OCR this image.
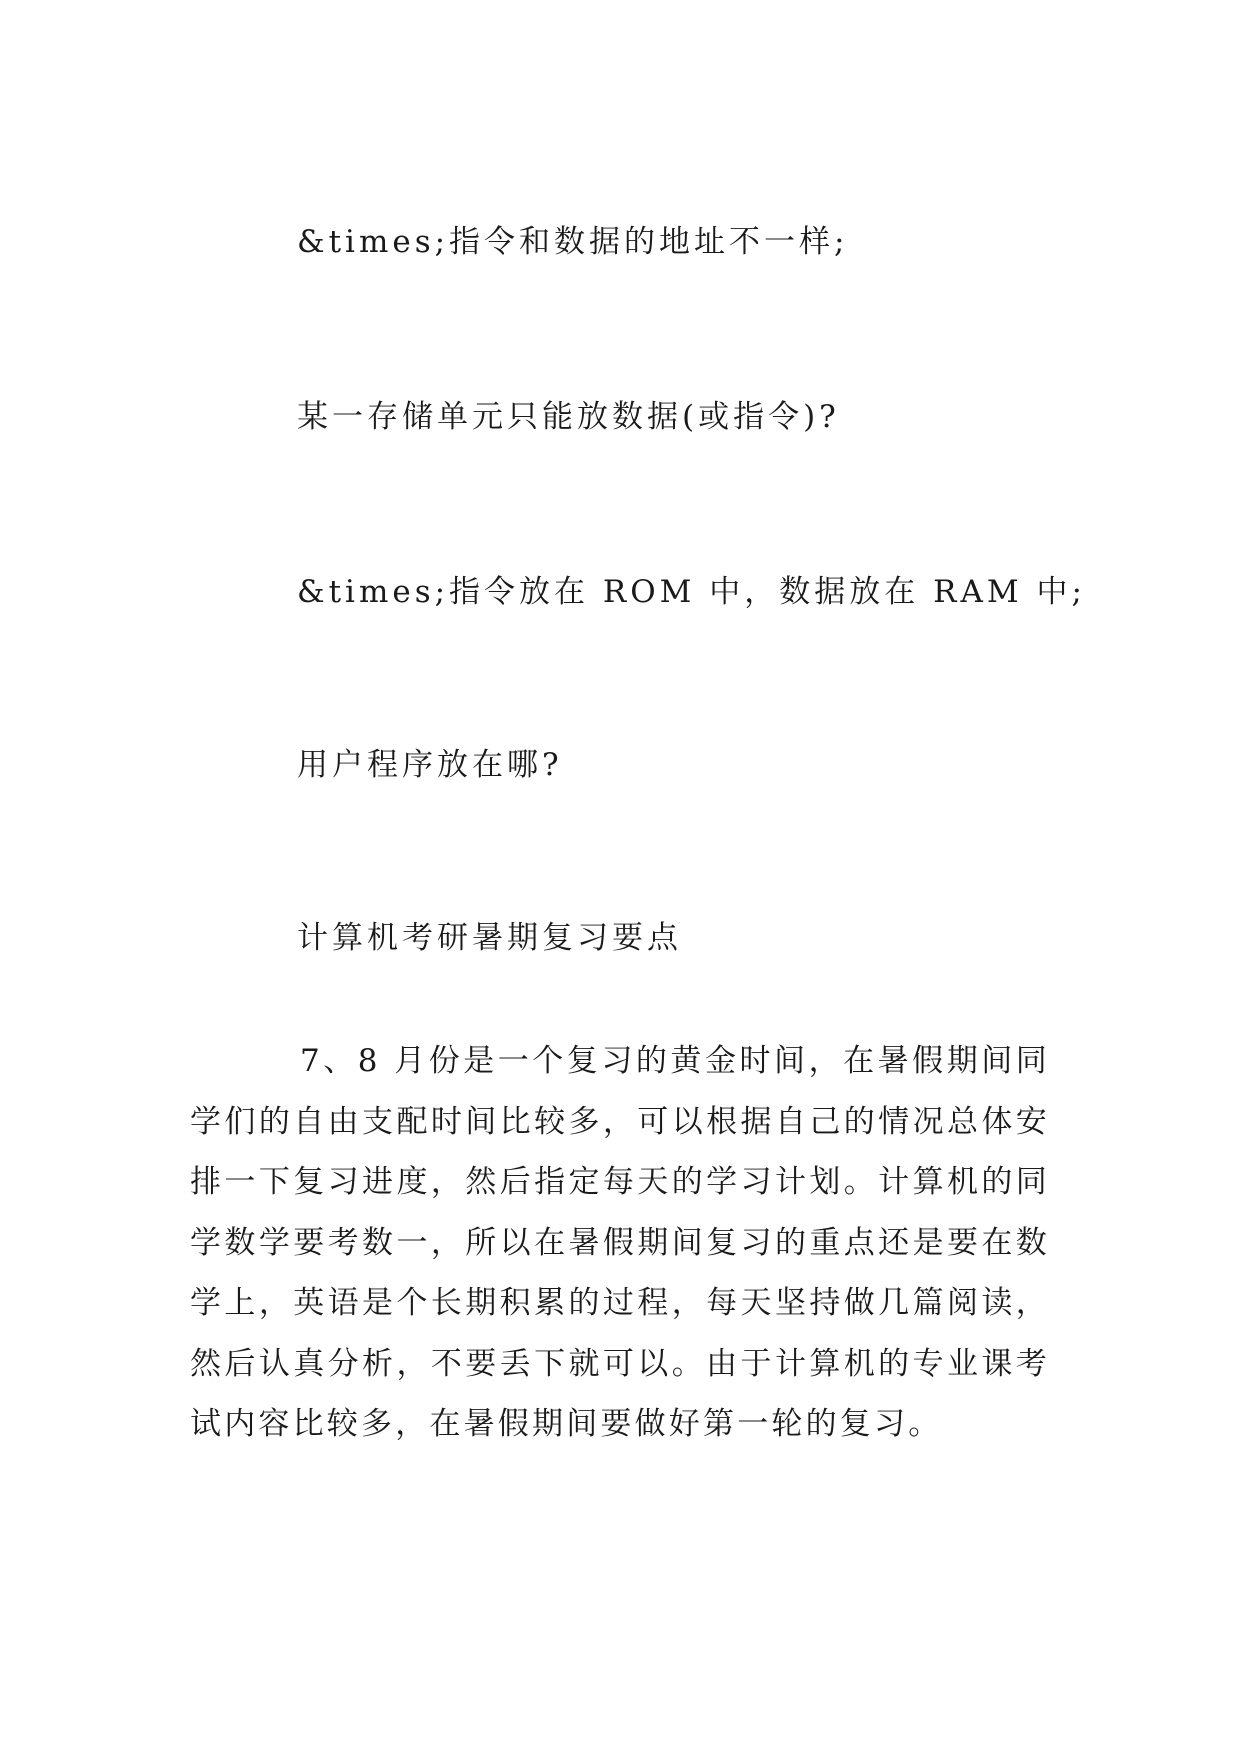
&times;指令和数据的地址不一样;
某一存储单元只能放数据(或指令)?
&times;指令放在 ROM 中，数据放在 RAM 中;
用户程序放在哪?
计算机考研暑期复习要点

7、8 月份是一个复习的黄金时间，在暑假期间同学们的自由支配时间比较多，可以根据自己的情况总体安排一下复习进度，然后指定每天的学习计划。计算机的同学数学要考数一，所以在暑假期间复习的重点还是要在数学上，英语是个长期积累的过程，每天坚持做几篇阅读，然后认真分析，不要丢下就可以。由于计算机的专业课考试内容比较多，在暑假期间要做好第一轮的复习。
